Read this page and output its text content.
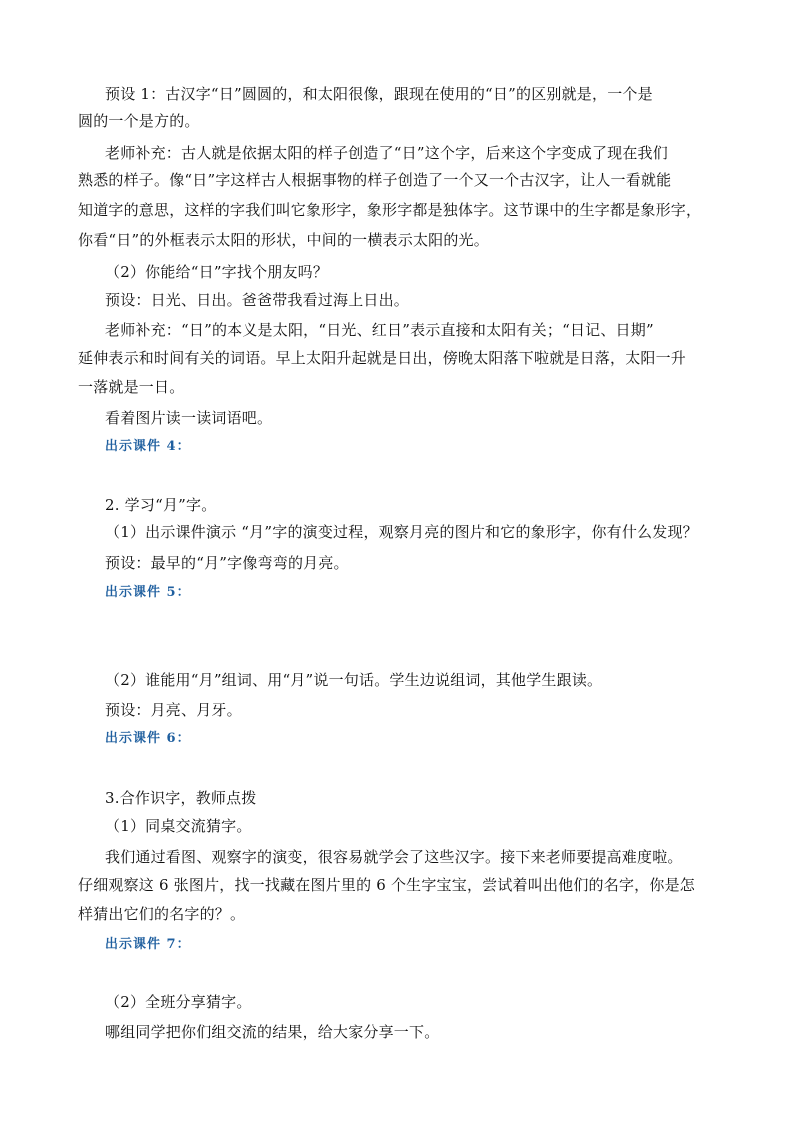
预设 1：古汉字“日”圆圆的，和太阳很像，跟现在使用的“日”的区别就是，一个是
圆的一个是方的。
老师补充：古人就是依据太阳的样子创造了“日”这个字，后来这个字变成了现在我们
熟悉的样子。像“日”字这样古人根据事物的样子创造了一个又一个古汉字，让人一看就能
知道字的意思，这样的字我们叫它象形字，象形字都是独体字。这节课中的生字都是象形字，
你看“日”的外框表示太阳的形状，中间的一横表示太阳的光。
（2）你能给“日”字找个朋友吗？
预设：日光、日出。爸爸带我看过海上日出。
老师补充：“日”的本义是太阳，“日光、红日”表示直接和太阳有关；“日记、日期”
延伸表示和时间有关的词语。早上太阳升起就是日出，傍晚太阳落下啦就是日落，太阳一升
一落就是一日。
看着图片读一读词语吧。
出示课件 4：
2. 学习“月”字。
（1）出示课件演示 “月”字的演变过程，观察月亮的图片和它的象形字，你有什么发现？
预设：最早的“月”字像弯弯的月亮。
出示课件 5：
（2）谁能用“月”组词、用“月”说一句话。学生边说组词，其他学生跟读。
预设：月亮、月牙。
出示课件 6：
3.合作识字，教师点拨
（1）同桌交流猜字。
我们通过看图、观察字的演变，很容易就学会了这些汉字。接下来老师要提高难度啦。
仔细观察这 6 张图片，找一找藏在图片里的 6 个生字宝宝，尝试着叫出他们的名字，你是怎
样猜出它们的名字的？。
出示课件 7：
（2）全班分享猜字。
哪组同学把你们组交流的结果，给大家分享一下。
